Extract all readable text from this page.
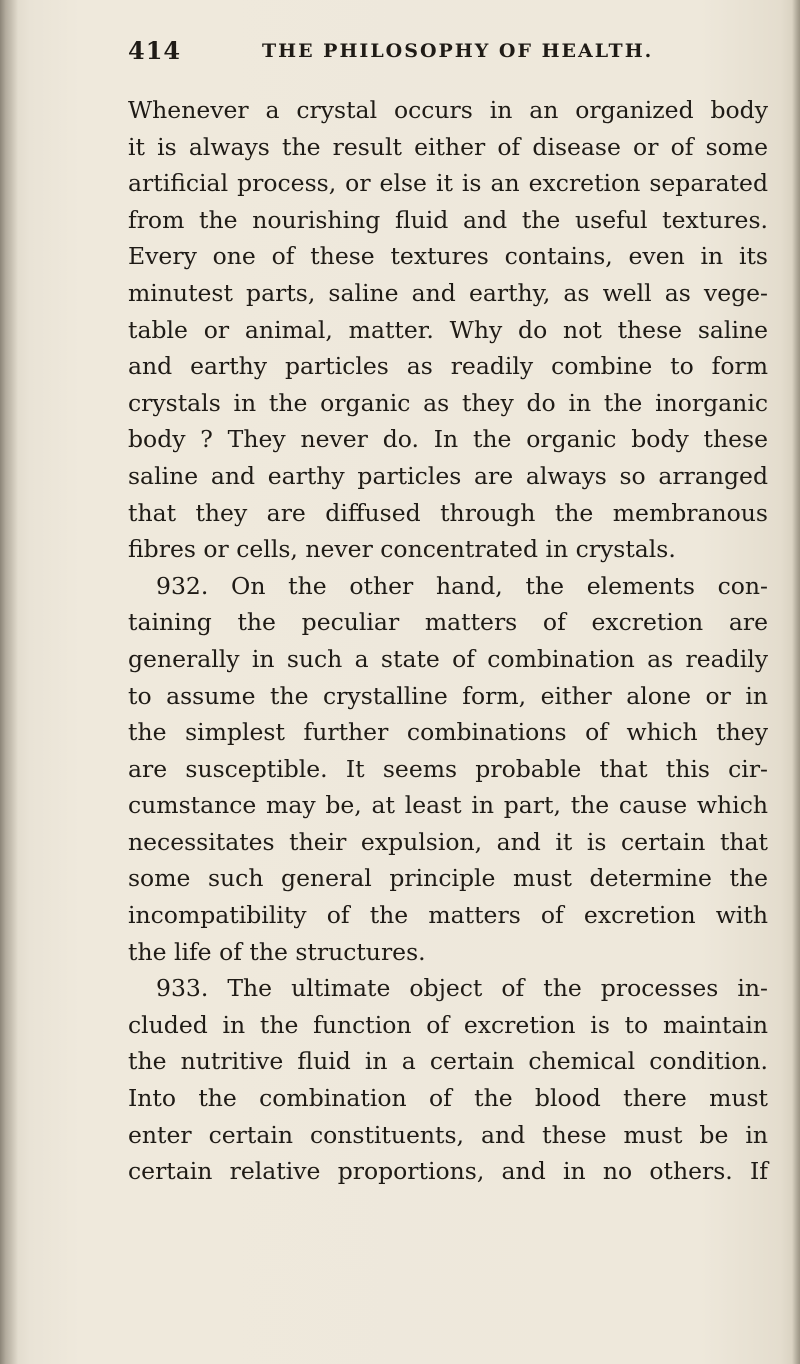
414	THE PHILOSOPHY OF HEALTH.
Whenever a crystal occurs in an organized body
it is always the result either of disease or of some
artificial process, or else it is an excretion separated
from the nourishing fluid and the useful textures.
Every one of these textures contains, even in its
minutest parts, saline and earthy, as well as vege-
table or animal, matter. Why do not these saline
and earthy particles as readily combine to form
crystals in the organic as they do in the inorganic
body ? They never do. In the organic body these
saline and earthy particles are always so arranged
that they are diffused through the membranous
fibres or cells, never concentrated in crystals.
932. On the other hand, the elements con-
taining the peculiar matters of excretion are
generally in such a state of combination as readily
to assume the crystalline form, either alone or in
the simplest further combinations of which they
are susceptible. It seems probable that this cir-
cumstance may be, at least in part, the cause which
necessitates their expulsion, and it is certain that
some such general principle must determine the
incompatibility of the matters of excretion with
the life of the structures.
933. The ultimate object of the processes in-
cluded in the function of excretion is to maintain
the nutritive fluid in a certain chemical condition.
Into the combination of the blood there must
enter certain constituents, and these must be in
certain relative proportions, and in no others. If
